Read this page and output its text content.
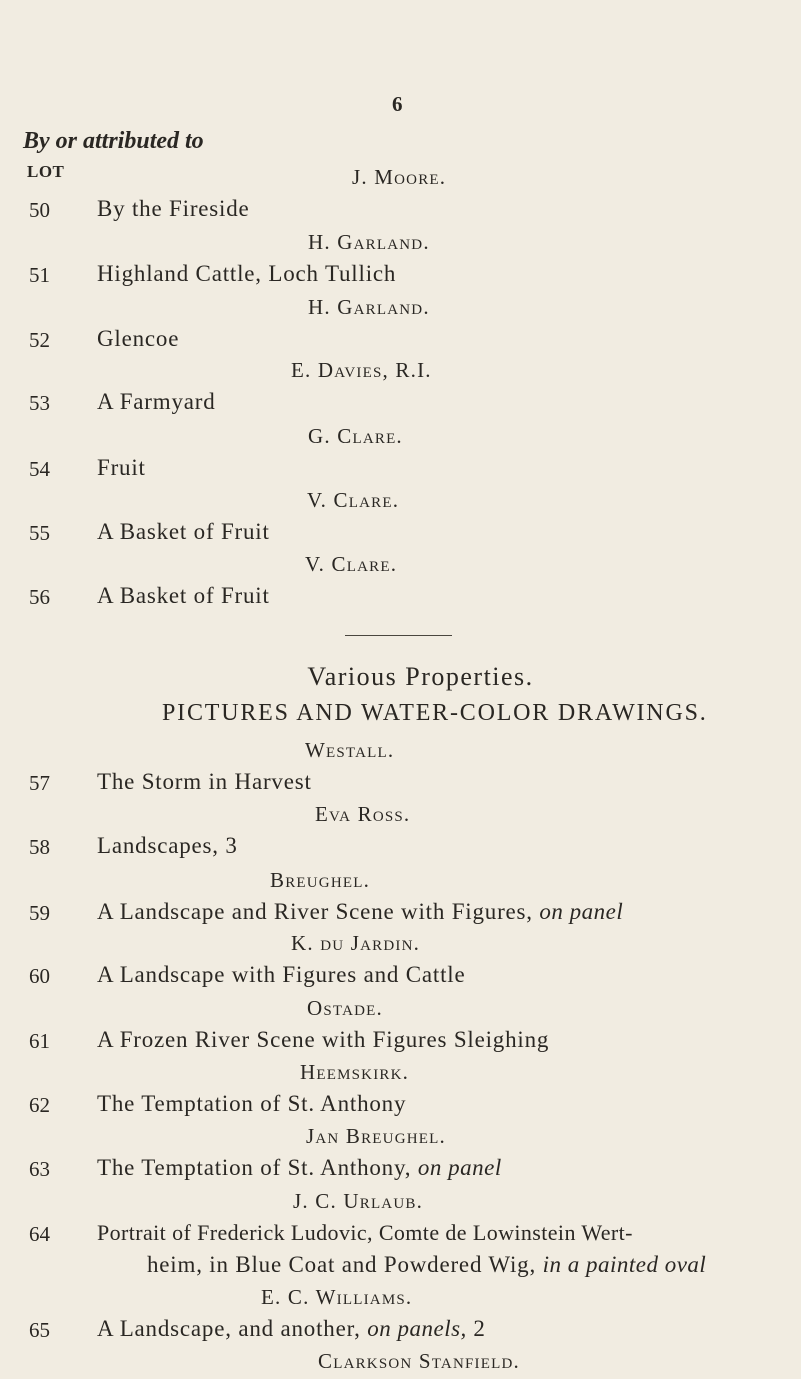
6
By or attributed to
LOT	J. Moore.
50 By the Fireside
H. Garland.
51 Highland Cattle, Loch Tullich
H. Garland.
52 Glencoe
E. Davies, R.I.
53 A Farmyard
G. Clare.
54 Fruit
V. Clare.
55 A Basket of Fruit
V. Clare.
56 A Basket of Fruit
Various Properties.
PICTURES AND WATER-COLOR DRAWINGS.
Westall.
57 The Storm in Harvest
Eva Ross.
58 Landscapes, 3
Breughel.
59 A Landscape and River Scene with Figures, on panel
K. du Jardin.
60 A Landscape with Figures and Cattle
Ostade.
61 A Frozen River Scene with Figures Sleighing
Heemskirk.
62 The Temptation of St. Anthony
Jan Breughel.
63 The Temptation of St. Anthony, on panel
J. C. Urlaub.
64 Portrait of Frederick Ludovic, Comte de Lowinstein Wert-
heim, in Blue Coat and Powdered Wig, in a painted oval
E. C. Williams.
65 A Landscape, and another, on panels, 2
Clarkson Stanfield.
